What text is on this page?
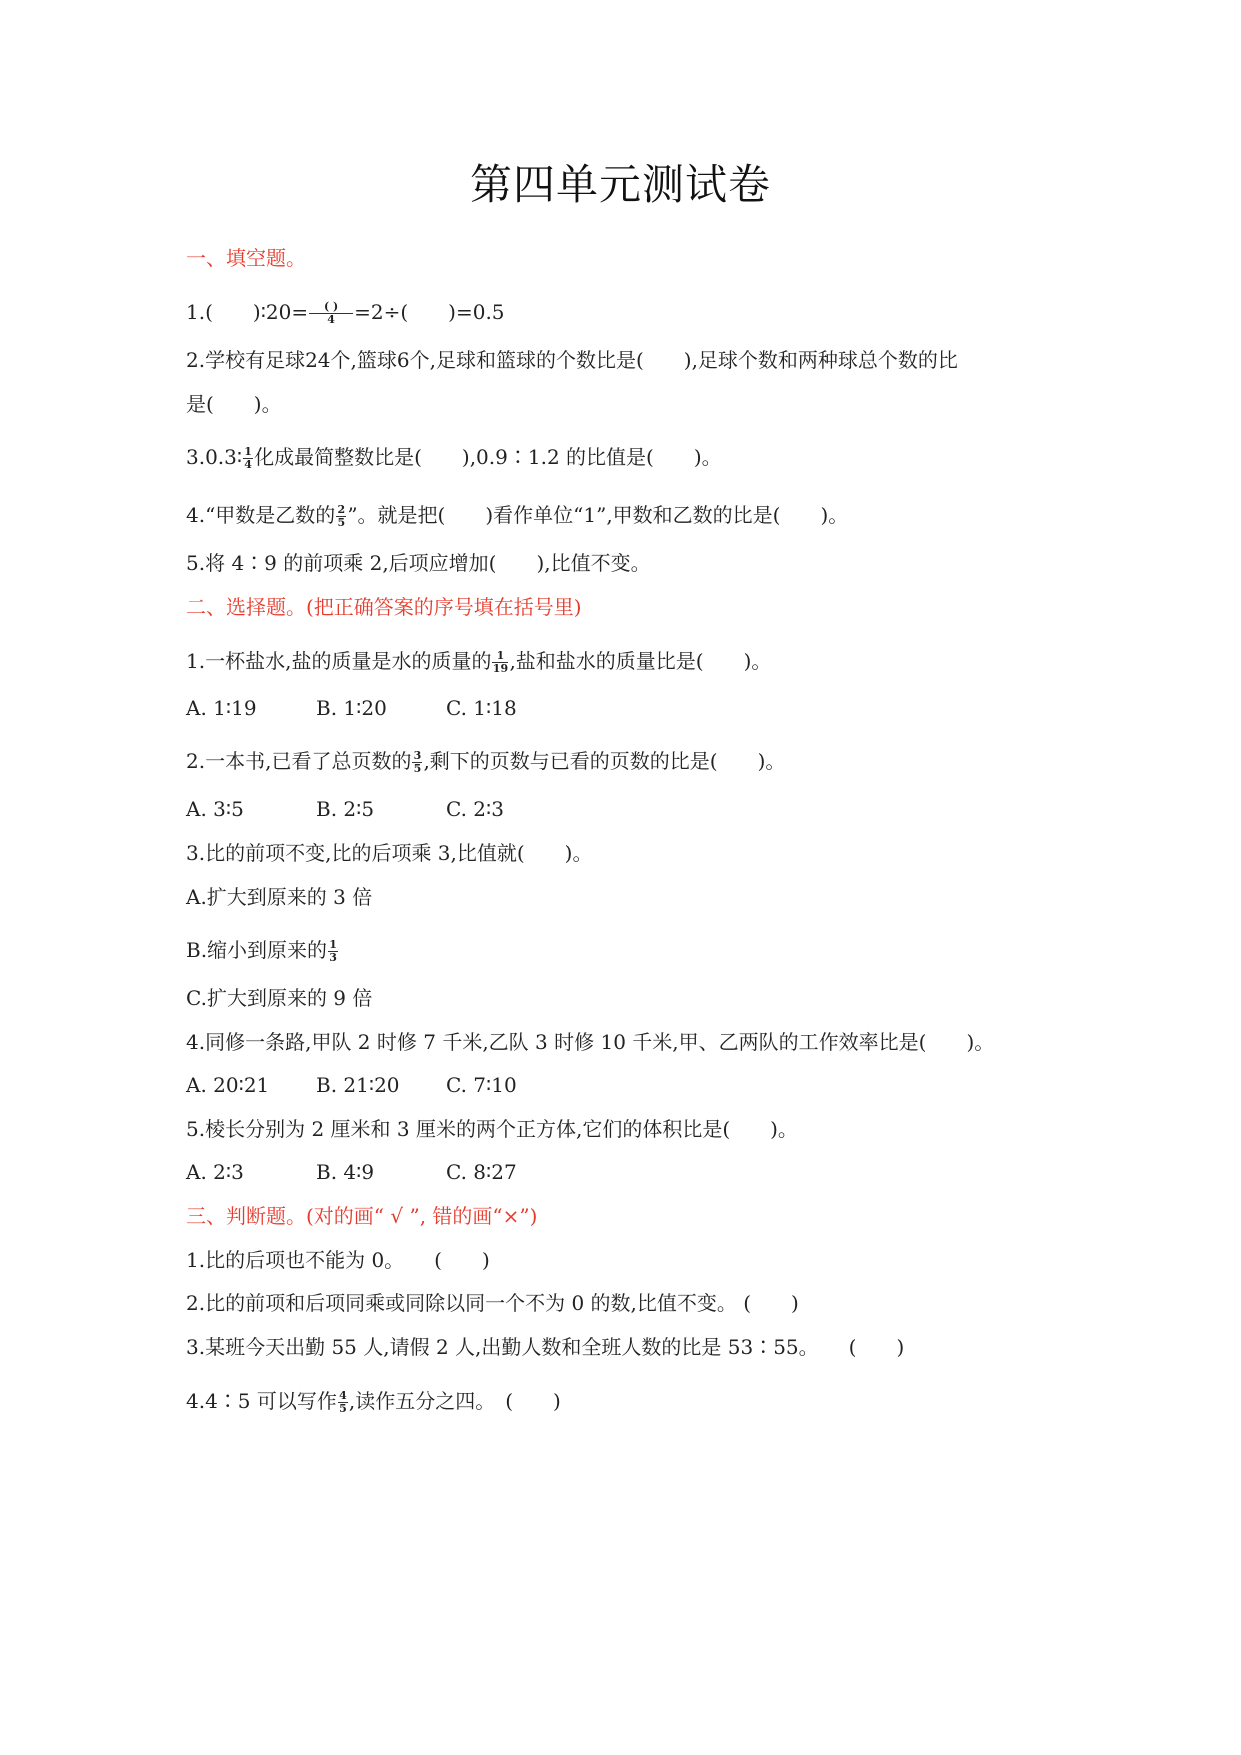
第四单元测试卷
一、填空题。
1.( )∶20= $\frac{( )}{4} =2\div$( )=0.5
2.学校有足球24个,篮球6个,足球和篮球的个数比是(　　),足球个数和两种球总个数的比
是(　　)。
3.0.3∶ $\frac{1}{4}$ 化成最简整数比是(　　),0.9∶1.2 的比值是(　　)。
4.“甲数是乙数的 $\frac{2}{5}$ ”。就是把(　　)看作单位“1”,甲数和乙数的比是(　　)。
5.将 4∶9 的前项乘 2,后项应增加(　　),比值不变。
二、选择题。(把正确答案的序号填在括号里)
1.一杯盐水,盐的质量是水的质量的 $\frac{1}{19}$ ,盐和盐水的质量比是(　　)。
A. 1∶19	B. 1∶20	C. 1∶18
2.一本书,已看了总页数的 $\frac{3}{5}$ ,剩下的页数与已看的页数的比是(　　)。
A. 3∶5	B. 2∶5	C. 2∶3
3.比的前项不变,比的后项乘 3,比值就(　　)。
A.扩大到原来的 3 倍
B.缩小到原来的 $\frac{1}{3}$
C.扩大到原来的 9 倍
4.同修一条路,甲队 2 时修 7 千米,乙队 3 时修 10 千米,甲、乙两队的工作效率比是(　　)。
A. 20∶21 B. 21∶20 C. 7∶10
5.棱长分别为 2 厘米和 3 厘米的两个正方体,它们的体积比是(　　)。
A. 2∶3	B. 4∶9	C. 8∶27
三、判断题。(对的画“ √ ”, 错的画“×”)
1.比的后项也不能为 0。　　(　　)
2.比的前项和后项同乘或同除以同一个不为 0 的数,比值不变。 (　　)
3.某班今天出勤 55 人,请假 2 人,出勤人数和全班人数的比是 53∶55。　　(　　)
4.4∶5 可以写作 $\frac{4}{5}$ ,读作五分之四。　(　　)
